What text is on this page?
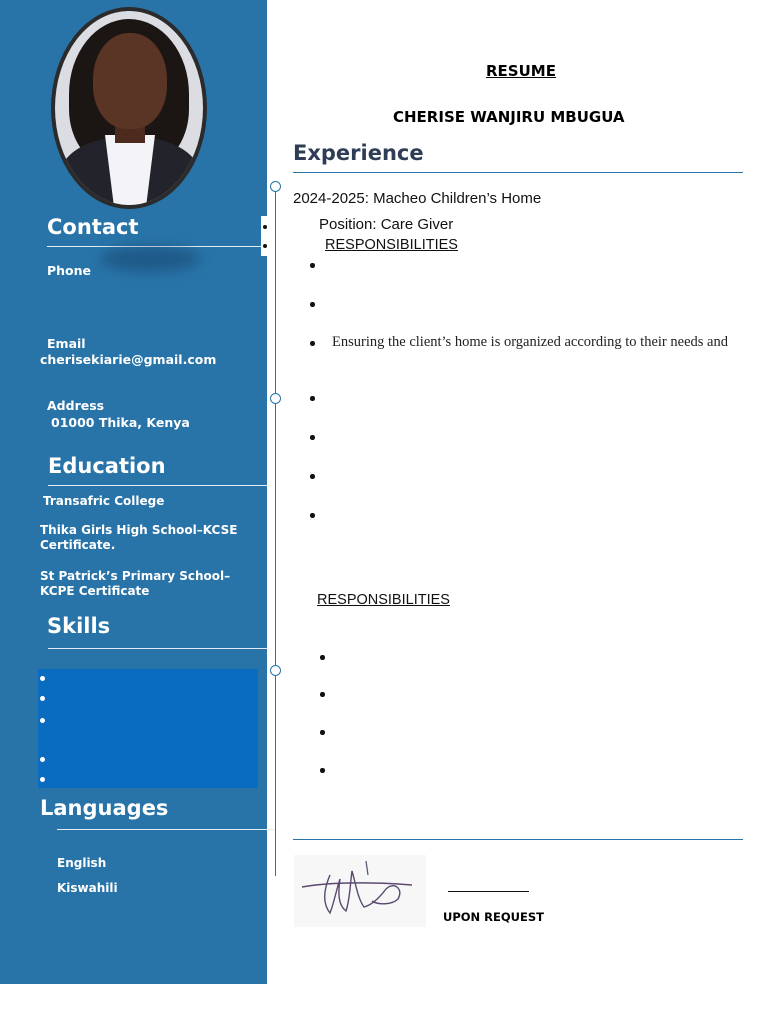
Contact
Phone
Email
cherisekiarie@gmail.com
Address
01000 Thika, Kenya
Education
Transafric College
Thika Girls High School–KCSE Certificate.
St Patrick’s Primary School–KCPE Certificate
Skills
Languages
English
Kiswahili
RESUME
CHERISE WANJIRU MBUGUA
Experience
2024-2025: Macheo Children’s Home
Position: Care Giver
RESPONSIBILITIES
Ensuring the client’s home is organized according to their needs and
RESPONSIBILITIES
UPON REQUEST
